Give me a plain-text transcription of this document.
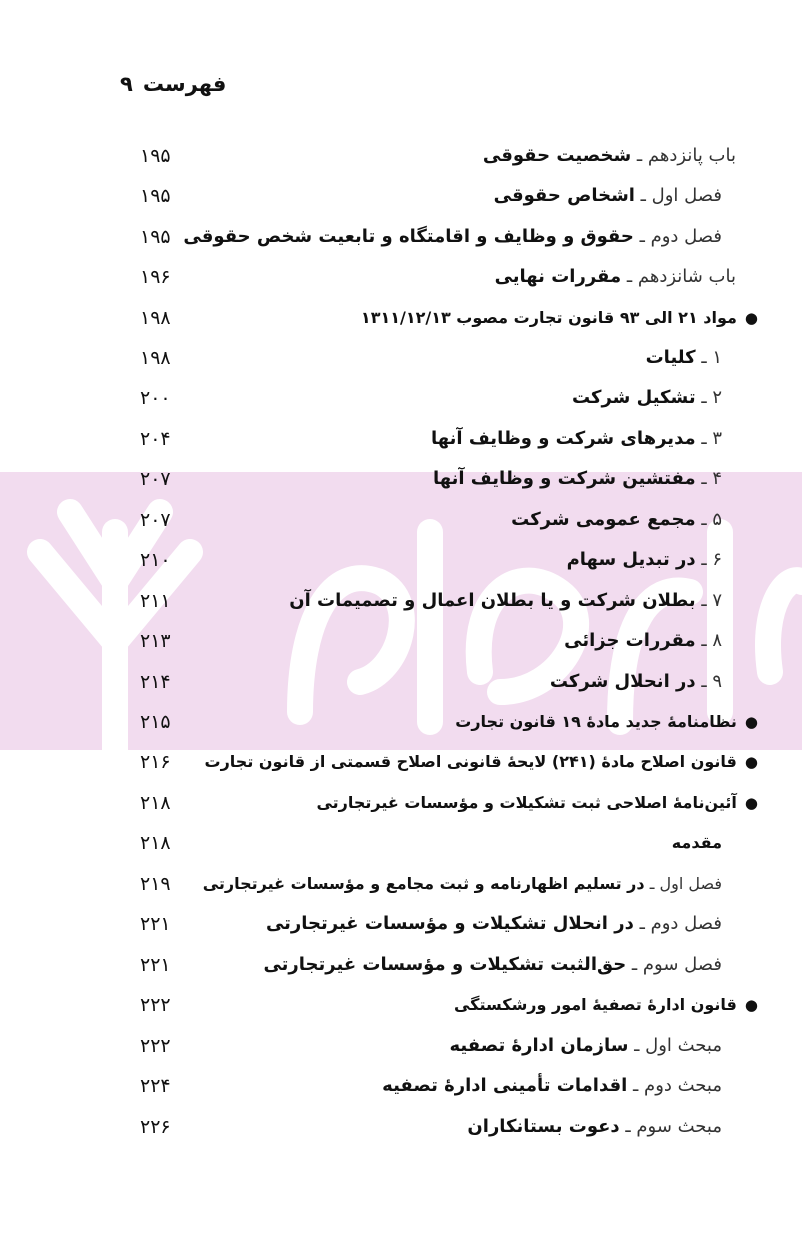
فهرست۹
باب پانزدهم ـ شخصیت حقوقی
۱۹۵
فصل اول ـ اشخاص حقوقی
۱۹۵
فصل دوم ـ حقوق و وظایف و اقامتگاه و تابعیت شخص حقوقی
۱۹۵
باب شانزدهم ـ مقررات نهایی
۱۹۶
● مواد ۲۱ الی ۹۳ قانون تجارت مصوب ۱۳۱۱/۱۲/۱۳
۱۹۸
۱ ـ کلیات
۱۹۸
۲ ـ تشکیل شرکت
۲۰۰
۳ ـ مدیرهای شرکت و وظایف آنها
۲۰۴
۴ ـ مفتشین شرکت و وظایف آنها
۲۰۷
۵ ـ مجمع عمومی شرکت
۲۰۷
۶ ـ در تبدیل سهام
۲۱۰
۷ ـ بطلان شرکت و یا بطلان اعمال و تصمیمات آن
۲۱۱
۸ ـ مقررات جزائی
۲۱۳
۹ ـ در انحلال شرکت
۲۱۴
● نظامنامهٔ جدید مادهٔ ۱۹ قانون تجارت
۲۱۵
● قانون اصلاح مادهٔ (۲۴۱) لایحهٔ قانونی اصلاح قسمتی از قانون تجارت
۲۱۶
● آئین‌نامهٔ اصلاحی ثبت تشکیلات و مؤسسات غیرتجارتی
۲۱۸
مقدمه
۲۱۸
فصل اول ـ در تسلیم اظهارنامه و ثبت مجامع و مؤسسات غیرتجارتی
۲۱۹
فصل دوم ـ در انحلال تشکیلات و مؤسسات غیرتجارتی
۲۲۱
فصل سوم ـ حق‌الثبت تشکیلات و مؤسسات غیرتجارتی
۲۲۱
● قانون ادارهٔ تصفیهٔ امور ورشکستگی
۲۲۲
مبحث اول ـ سازمان ادارهٔ تصفیه
۲۲۲
مبحث دوم ـ اقدامات تأمینی ادارهٔ تصفیه
۲۲۴
مبحث سوم ـ دعوت بستانکاران
۲۲۶
